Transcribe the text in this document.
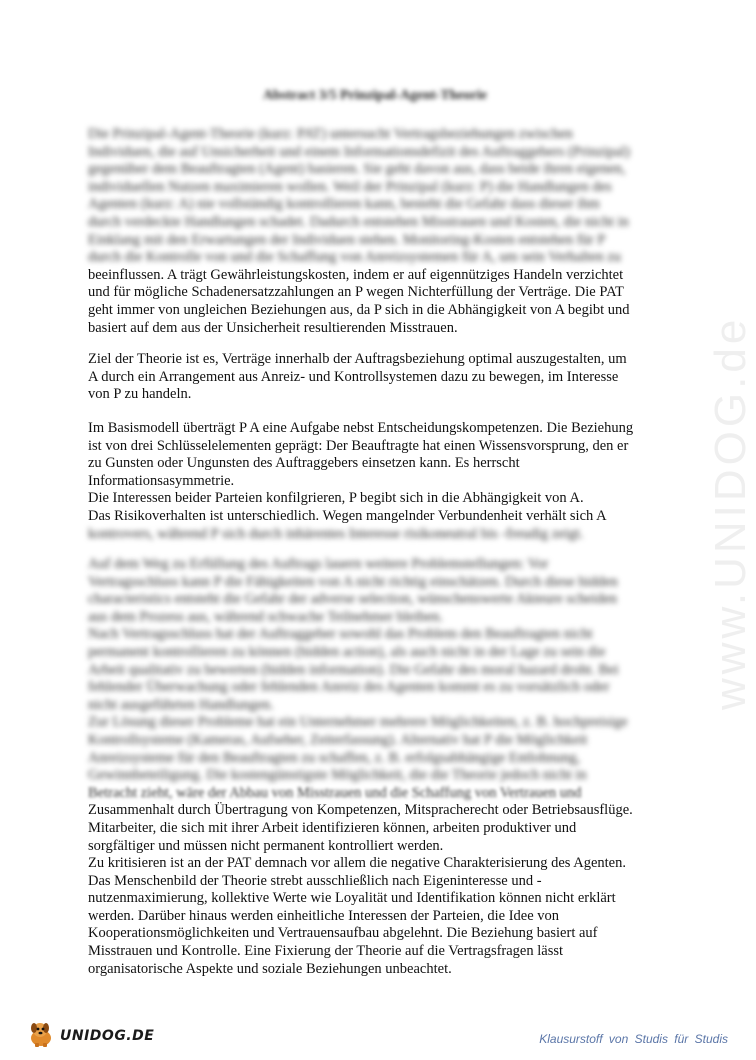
www.UNIDOG.de
Abstract 3/5 Prinzipal-Agent-Theorie
Die Prinzipal-Agent-Theorie (kurz: PAT) untersucht Vertragsbeziehungen zwischen
Individuen, die auf Unsicherheit und einem Informationsdefizit des Auftraggebers (Prinzipal)
gegenüber dem Beauftragten (Agent) basieren. Sie geht davon aus, dass beide ihren eigenen,
individuellen Nutzen maximieren wollen. Weil der Prinzipal (kurz: P) die Handlungen des
Agenten (kurz: A) nie vollständig kontrollieren kann, besteht die Gefahr dass dieser ihm
durch verdeckte Handlungen schadet. Dadurch entstehen Misstrauen und Kosten, die nicht in
Einklang mit den Erwartungen der Individuen stehen. Monitoring-Kosten entstehen für P
durch die Kontrolle von und die Schaffung von Anreizsystemen für A, um sein Verhalten zu
beeinflussen. A trägt Gewährleistungskosten, indem er auf eigennütziges Handeln verzichtet
und für mögliche Schadenersatzzahlungen an P wegen Nichterfüllung der Verträge. Die PAT
geht immer von ungleichen Beziehungen aus, da P sich in die Abhängigkeit von A begibt und
basiert auf dem aus der Unsicherheit resultierenden Misstrauen.
Ziel der Theorie ist es, Verträge innerhalb der Auftragsbeziehung optimal auszugestalten, um
A durch ein Arrangement aus Anreiz- und Kontrollsystemen dazu zu bewegen, im Interesse
von P zu handeln.
Im Basismodell überträgt P A eine Aufgabe nebst Entscheidungskompetenzen. Die Beziehung
ist von drei Schlüsselelementen geprägt: Der Beauftragte hat einen Wissensvorsprung, den er
zu Gunsten oder Ungunsten des Auftraggebers einsetzen kann. Es herrscht
Informationsasymmetrie.
Die Interessen beider Parteien konfilgrieren, P begibt sich in die Abhängigkeit von A.
Das Risikoverhalten ist unterschiedlich. Wegen mangelnder Verbundenheit verhält sich A
kontrovers, während P sich durch inhärentes Interesse risikoneutral bis -freudig zeigt.
Auf dem Weg zu Erfüllung des Auftrags lauern weitere Problemstellungen: Vor
Vertragsschluss kann P die Fähigkeiten von A nicht richtig einschätzen. Durch diese hidden
characteristics entsteht die Gefahr der adverse selection, wünschenswerte Akteure scheiden
aus dem Prozess aus, während schwache Teilnehmer bleiben.
Nach Vertragsschluss hat der Auftraggeber sowohl das Problem den Beauftragten nicht
permanent kontrollieren zu können (hidden action), als auch nicht in der Lage zu sein die
Arbeit qualitativ zu bewerten (hidden information). Die Gefahr des moral hazard droht. Bei
fehlender Überwachung oder fehlenden Anreiz des Agenten kommt es zu vorsätzlich oder
nicht ausgeführten Handlungen.
Zur Lösung dieser Probleme hat ein Unternehmer mehrere Möglichkeiten, z. B. hochpreisige
Kontrollsysteme (Kameras, Aufseher, Zeiterfassung). Alternativ hat P die Möglichkeit
Anreizsysteme für den Beauftragten zu schaffen, z. B. erfolgsabhängige Entlohnung,
Gewinnbeteiligung. Die kostengünstigste Möglichkeit, die die Theorie jedoch nicht in
Betracht zieht, wäre der Abbau von Misstrauen und die Schaffung von Vertrauen und
Zusammenhalt durch Übertragung von Kompetenzen, Mitspracherecht oder Betriebsausflüge.
Mitarbeiter, die sich mit ihrer Arbeit identifizieren können, arbeiten produktiver und
sorgfältiger und müssen nicht permanent kontrolliert werden.
Zu kritisieren ist an der PAT demnach vor allem die negative Charakterisierung des Agenten.
Das Menschenbild der Theorie strebt ausschließlich nach Eigeninteresse und -
nutzenmaximierung, kollektive Werte wie Loyalität und Identifikation können nicht erklärt
werden. Darüber hinaus werden einheitliche Interessen der Parteien, die Idee von
Kooperationsmöglichkeiten und Vertrauensaufbau abgelehnt. Die Beziehung basiert auf
Misstrauen und Kontrolle. Eine Fixierung der Theorie auf die Vertragsfragen lässt
organisatorische Aspekte und soziale Beziehungen unbeachtet.
UNIDOG.DE	Klausurstoff von Studis für Studis
